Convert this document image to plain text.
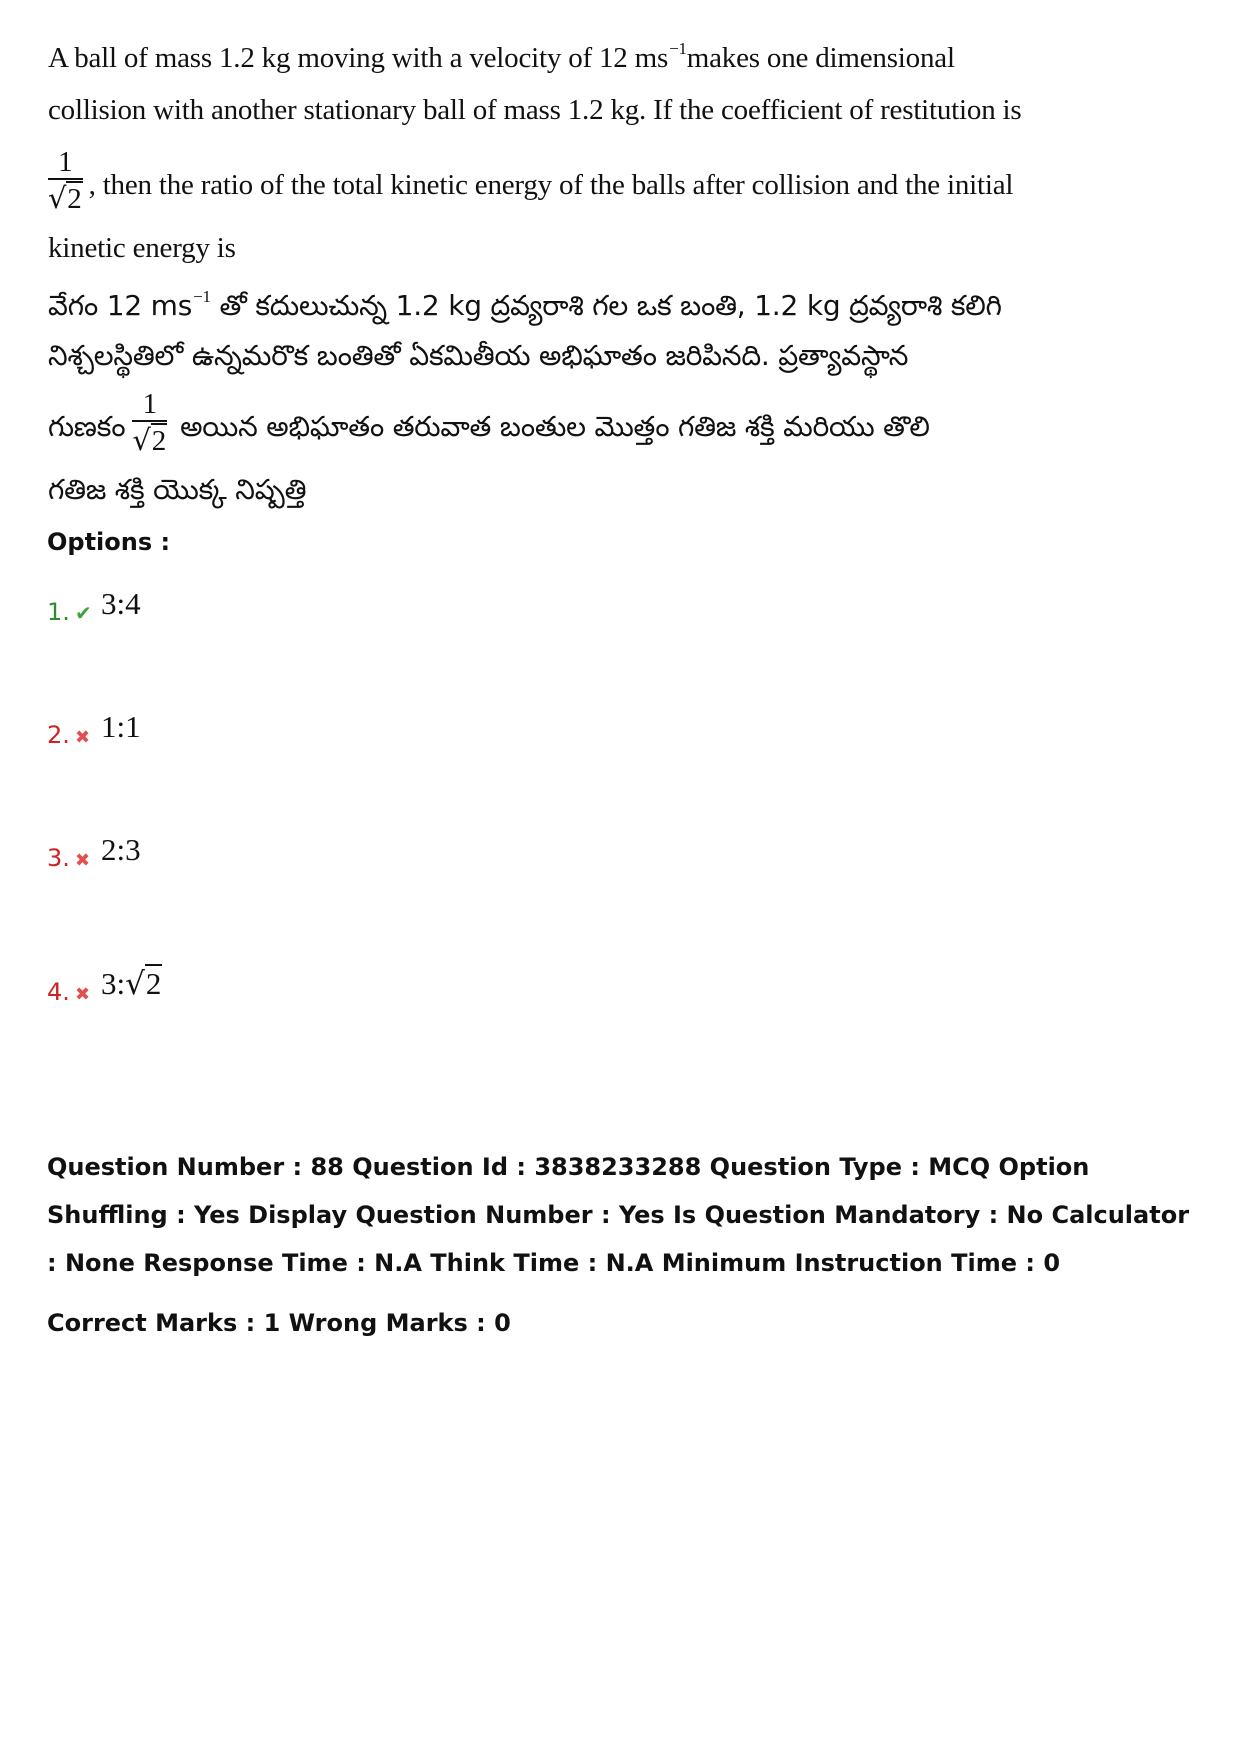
A ball of mass 1.2 kg moving with a velocity of 12 $ms^{-1}makes$ one dimensional
collision with another stationary ball of mass 1.2 kg. If the coefficient of restitution is
$\frac{1}{√2}$ , then the ratio of the total kinetic energy of the balls after collision and the initial
kinetic energy is
వేగం 12 $ms^{-1}$ తో కదులుచున్న 1.2 kg ద్రవ్యరాశి గల ఒక బంతి, 1.2 kg ద్రవ్యరాశి కలిగి
నిశ్చలస్థితిలో ఉన్నమరొక బంతితో ఏకమితీయ అభిఘాతం జరిపినది. ప్రత్యావస్థాన
గుణకం $\frac{1}{√2}$ అయిన అభిఘాతం తరువాత బంతుల మొత్తం గతిజ శక్తి మరియు తొలి
గతిజ శక్తి యొక్క నిష్పత్తి
Options :
1. ✔ 3:4
2. ✖ 1:1
3. ✖ 2:3
4. ✖ 3:√2
Question Number : 88 Question Id : 3838233288 Question Type : MCQ Option Shuffling : Yes Display Question Number : Yes Is Question Mandatory : No Calculator : None Response Time : N.A Think Time : N.A Minimum Instruction Time : 0
Correct Marks : 1 Wrong Marks : 0
